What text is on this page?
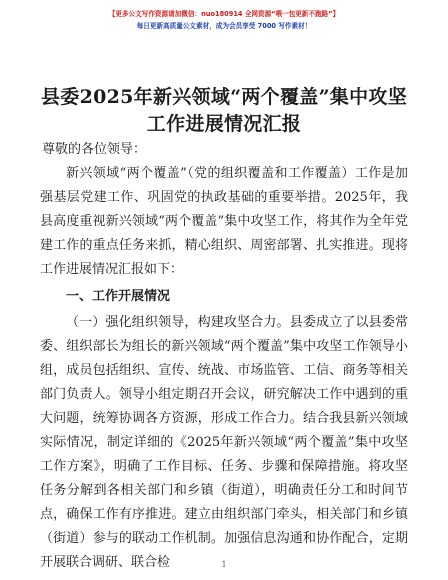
【更多公文写作资源请加微信：nuo180914 全网资源“喂一包更新不跑路”】
每日更新高质量公文素材，成为会员享受 7000 写作素材！
县委2025年新兴领域“两个覆盖”集中攻坚工作进展情况汇报

尊敬的各位领导：

新兴领域“两个覆盖”（党的组织覆盖和工作覆盖）工作是加强基层党建工作、巩固党的执政基础的重要举措。2025年，我县高度重视新兴领域“两个覆盖”集中攻坚工作，将其作为全年党建工作的重点任务来抓，精心组织、周密部署、扎实推进。现将工作进展情况汇报如下：

一、工作开展情况

（一）强化组织领导，构建攻坚合力。县委成立了以县委常委、组织部长为组长的新兴领域“两个覆盖”集中攻坚工作领导小组，成员包括组织、宣传、统战、市场监管、工信、商务等相关部门负责人。领导小组定期召开会议，研究解决工作中遇到的重大问题，统筹协调各方资源，形成工作合力。结合我县新兴领域实际情况，制定详细的《2025年新兴领域“两个覆盖”集中攻坚工作方案》，明确了工作目标、任务、步骤和保障措施。将攻坚任务分解到各相关部门和乡镇（街道），明确责任分工和时间节点，确保工作有序推进。建立由组织部门牵头，相关部门和乡镇（街道）参与的联动工作机制。加强信息沟通和协作配合，定期开展联合调研、联合检	1
